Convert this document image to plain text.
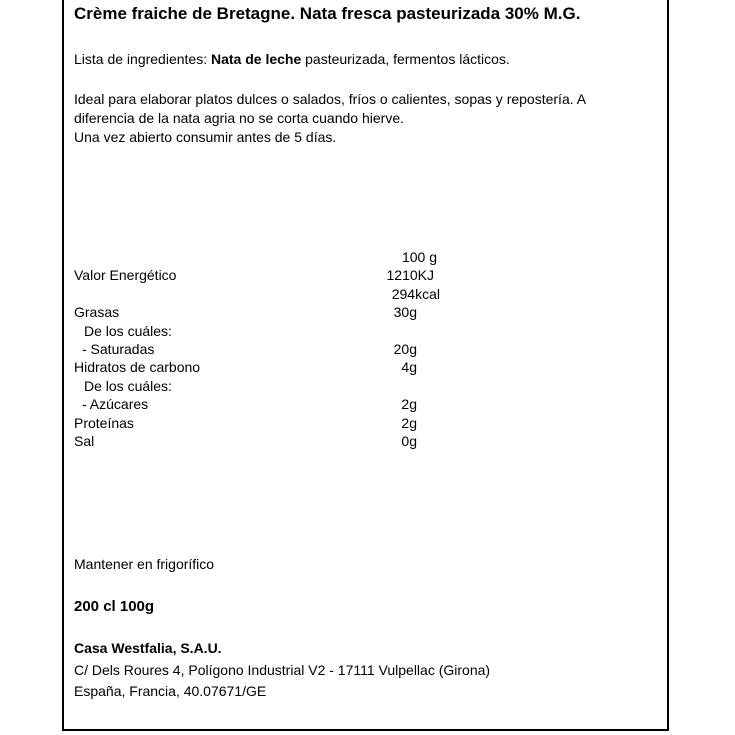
Crème fraiche de Bretagne. Nata fresca pasteurizada 30% M.G.
Lista de ingredientes: Nata de leche pasteurizada, fermentos lácticos.
Ideal para elaborar platos dulces o salados, fríos o calientes, sopas y repostería. A
diferencia de la nata agria no se corta cuando hierve.
Una vez abierto consumir antes de 5 días.
100 g
Valor Energético	1210KJ
294kcal
Grasas	30g
De los cuáles:
- Saturadas	20g
Hidratos de carbono	4g
De los cuáles:
- Azúcares	2g
Proteínas	2g
Sal	0g
Mantener en frigorífico
200 cl 100g
Casa Westfalia, S.A.U.
C/ Dels Roures 4, Polígono Industrial V2 - 17111 Vulpellac (Girona)
España, Francia, 40.07671/GE
